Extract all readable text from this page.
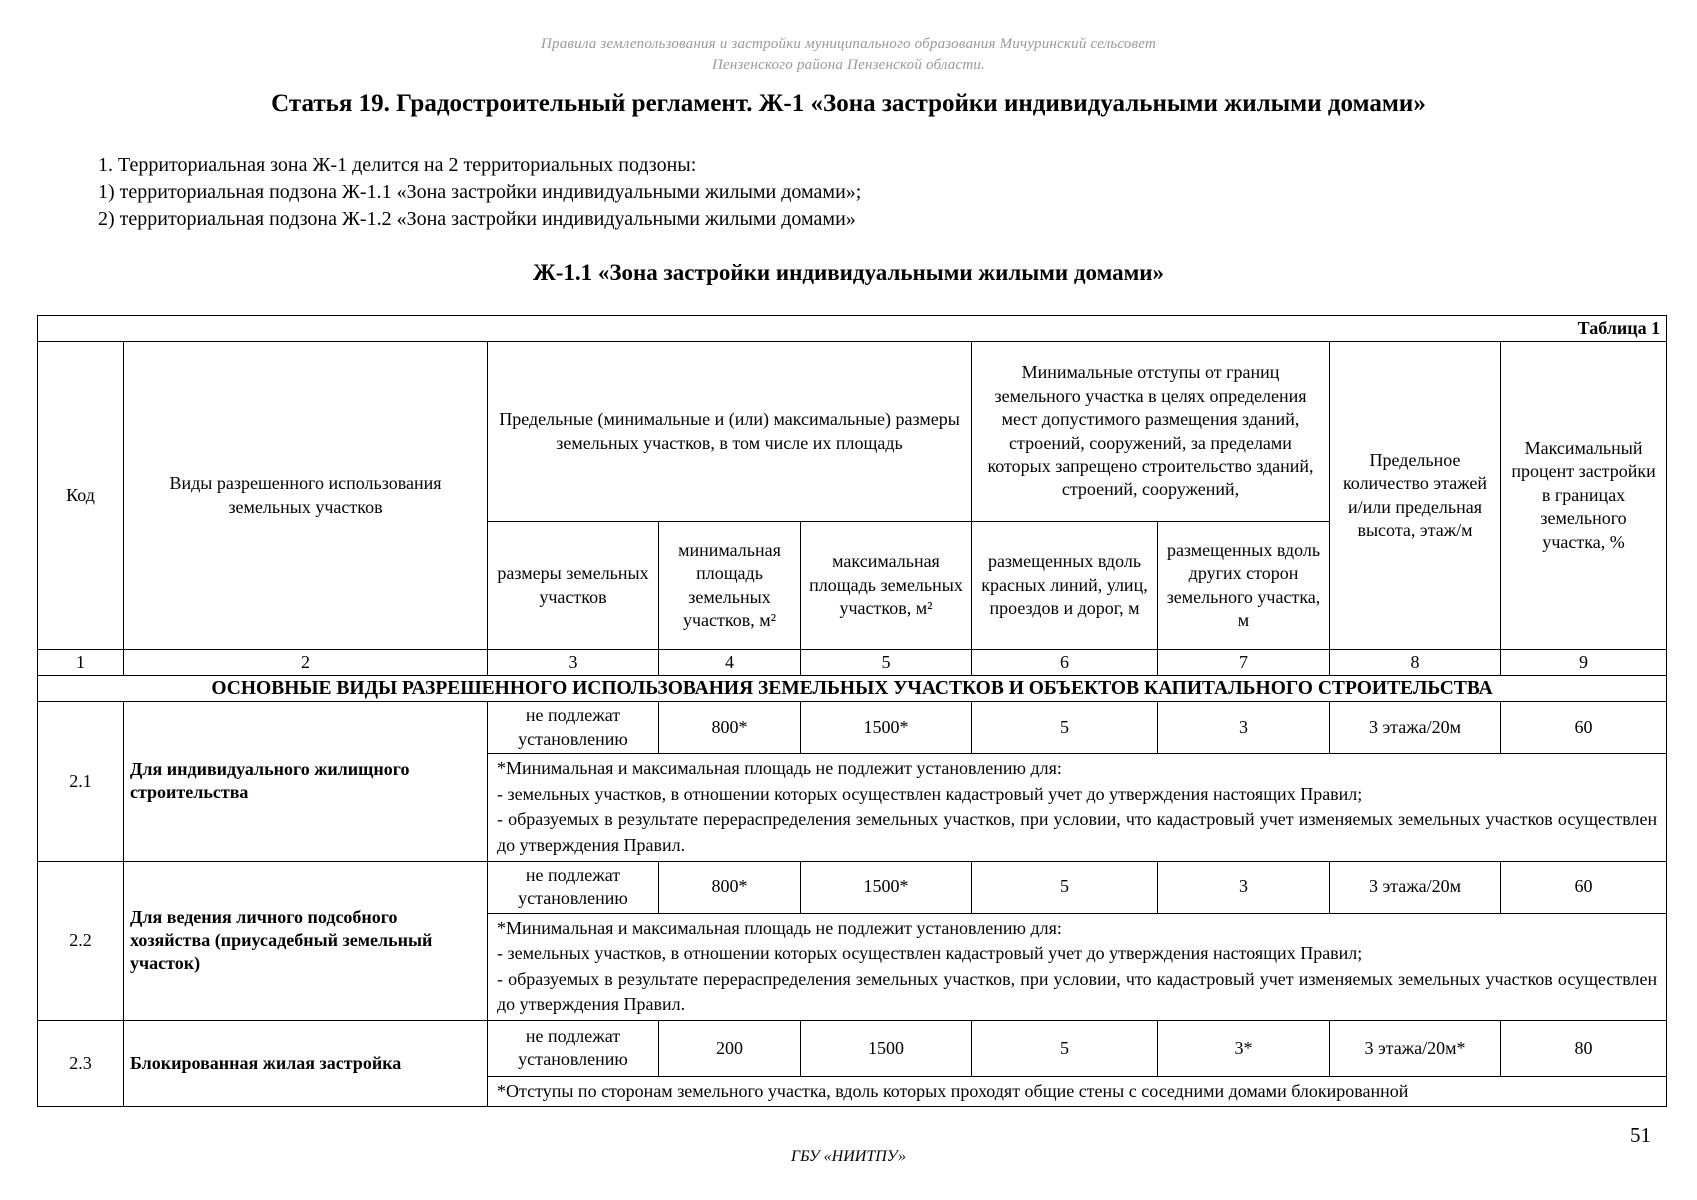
Правила землепользования и застройки муниципального образования Мичуринский сельсовет
Пензенского района Пензенской области.
Статья 19. Градостроительный регламент. Ж-1 «Зона застройки индивидуальными жилыми домами»
1. Территориальная зона Ж-1 делится на 2 территориальных подзоны:
1) территориальная подзона Ж-1.1 «Зона застройки индивидуальными жилыми домами»;
2) территориальная подзона Ж-1.2 «Зона застройки индивидуальными жилыми домами»
Ж-1.1 «Зона застройки индивидуальными жилыми домами»
Таблица 1								
Код	Виды разрешенного использования земельных участков	Предельные (минимальные и (или) максимальные) размеры земельных участков, в том числе их площадь			Минимальные отступы от границ земельного участка в целях определения мест допустимого размещения зданий, строений, сооружений, за пределами которых запрещено строительство зданий, строений, сооружений,		Предельное количество этажей и/или предельная высота, этаж/м	Максимальный процент застройки в границах земельного участка, %
		размеры земельных участков	минимальная площадь земельных участков, м²	максимальная площадь земельных участков, м²	размещенных вдоль красных линий, улиц, проездов и дорог, м	размещенных вдоль других сторон земельного участка, м		
1	2	3	4	5	6	7	8	9
ОСНОВНЫЕ ВИДЫ РАЗРЕШЕННОГО ИСПОЛЬЗОВАНИЯ ЗЕМЕЛЬНЫХ УЧАСТКОВ И ОБЪЕКТОВ КАПИТАЛЬНОГО СТРОИТЕЛЬСТВА								
2.1	Для индивидуального жилищного строительства	не подлежат установлению	800*	1500*	5	3	3 этажа/20м	60

		*Минимальная и максимальная площадь не подлежит установлению для:
- земельных участков, в отношении которых осуществлен кадастровый учет до утверждения настоящих Правил;
- образуемых в результате перераспределения земельных участков, при условии, что кадастровый учет изменяемых земельных участков осуществлен до утверждения Правил.						

2.2	Для ведения личного подсобного хозяйства (приусадебный земельный участок)	не подлежат установлению	800*	1500*	5	3	3 этажа/20м	60

		*Минимальная и максимальная площадь не подлежит установлению для:
- земельных участков, в отношении которых осуществлен кадастровый учет до утверждения настоящих Правил;
- образуемых в результате перераспределения земельных участков, при условии, что кадастровый учет изменяемых земельных участков осуществлен до утверждения Правил.						

2.3	Блокированная жилая застройка	не подлежат установлению	200	1500	5	3*	3 этажа/20м*	80

		*Отступы по сторонам земельного участка, вдоль которых проходят общие стены с соседними домами блокированной						
51
ГБУ «НИИТПУ»
